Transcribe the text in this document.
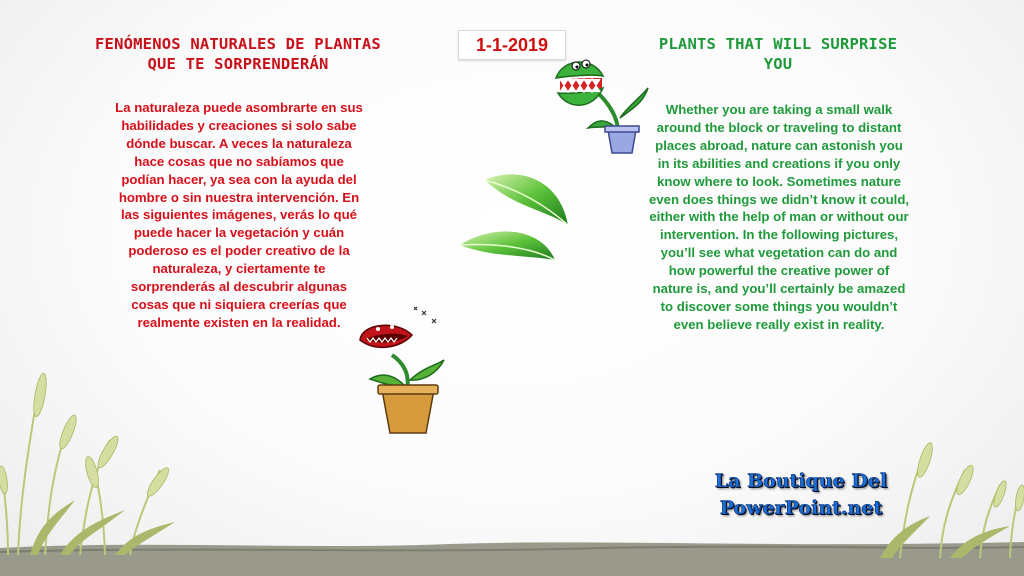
FENÓMENOS NATURALES DE PLANTAS QUE TE SORPRENDERÁN
La naturaleza puede asombrarte en sus habilidades y creaciones si solo sabe dónde buscar. A veces la naturaleza hace cosas que no sabíamos que podían hacer, ya sea con la ayuda del hombre o sin nuestra intervención. En las siguientes imágenes, verás lo qué puede hacer la vegetación y cuán poderoso es el poder creativo de la naturaleza, y ciertamente te sorprenderás al descubrir algunas cosas que ni siquiera creerías que realmente existen en la realidad.
1-1-2019	PLANTS THAT WILL SURPRISE YOU
Whether you are taking a small walk around the block or traveling to distant places abroad, nature can astonish you in its abilities and creations if you only know where to look. Sometimes nature even does things we didn’t know it could, either with the help of man or without our intervention. In the following pictures, you’ll see what vegetation can do and how powerful the creative power of nature is, and you’ll certainly be amazed to discover some things you wouldn’t even believe really exist in reality.
La Boutique Del
PowerPoint.net
